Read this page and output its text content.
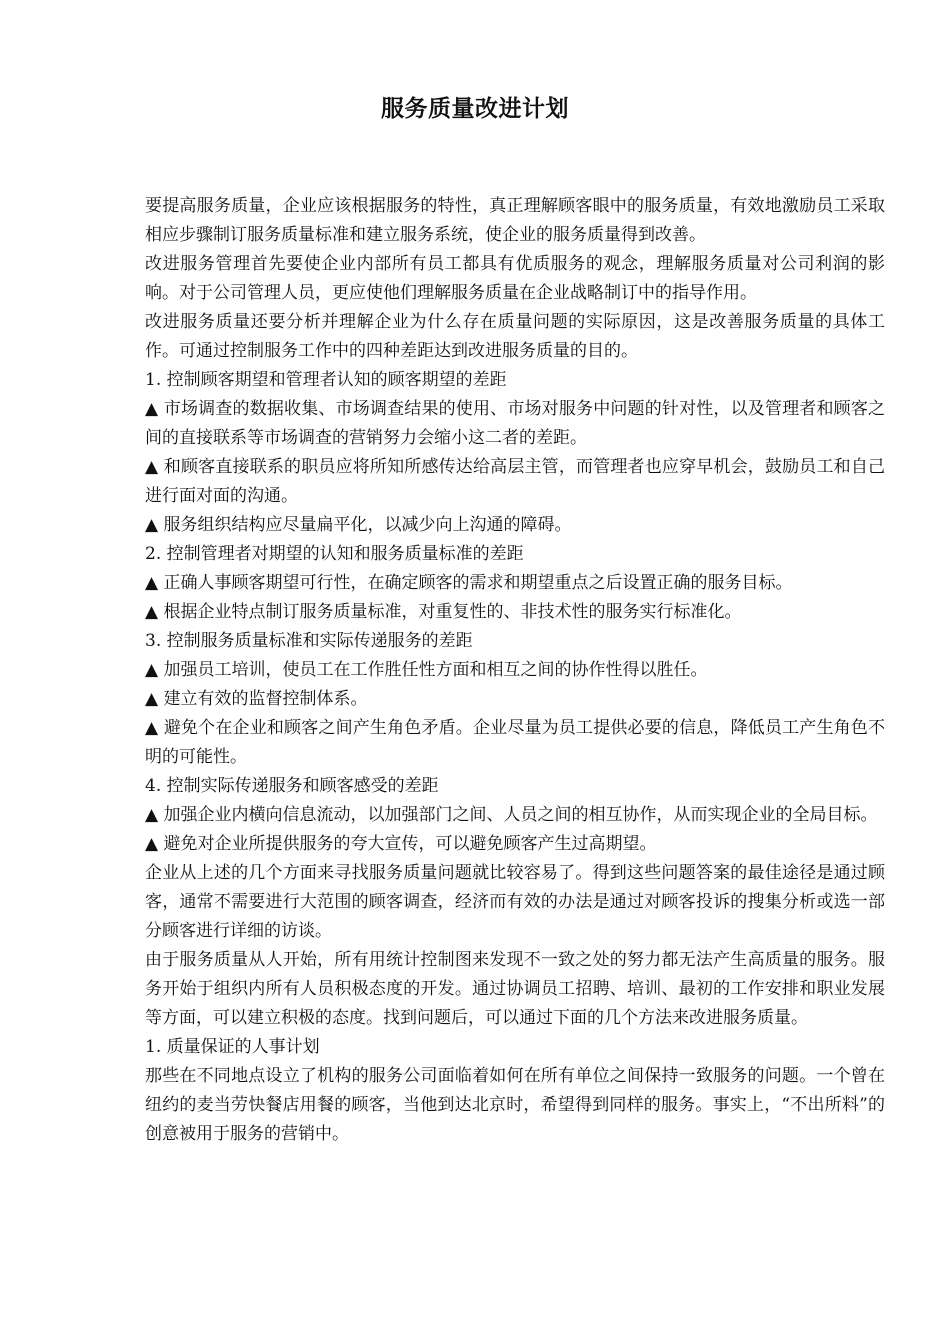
服务质量改进计划

要提高服务质量，企业应该根据服务的特性，真正理解顾客眼中的服务质量，有效地激励员工采取相应步骤制订服务质量标准和建立服务系统，使企业的服务质量得到改善。

改进服务管理首先要使企业内部所有员工都具有优质服务的观念，理解服务质量对公司利润的影响。对于公司管理人员，更应使他们理解服务质量在企业战略制订中的指导作用。

改进服务质量还要分析并理解企业为什么存在质量问题的实际原因，这是改善服务质量的具体工作。可通过控制服务工作中的四种差距达到改进服务质量的目的。

1. 控制顾客期望和管理者认知的顾客期望的差距

▲ 市场调查的数据收集、市场调查结果的使用、市场对服务中问题的针对性，以及管理者和顾客之间的直接联系等市场调查的营销努力会缩小这二者的差距。

▲ 和顾客直接联系的职员应将所知所感传达给高层主管，而管理者也应穿早机会，鼓励员工和自己进行面对面的沟通。

▲ 服务组织结构应尽量扁平化，以减少向上沟通的障碍。

2. 控制管理者对期望的认知和服务质量标准的差距

▲ 正确人事顾客期望可行性，在确定顾客的需求和期望重点之后设置正确的服务目标。

▲ 根据企业特点制订服务质量标准，对重复性的、非技术性的服务实行标准化。

3. 控制服务质量标准和实际传递服务的差距

▲ 加强员工培训，使员工在工作胜任性方面和相互之间的协作性得以胜任。

▲ 建立有效的监督控制体系。

▲ 避免个在企业和顾客之间产生角色矛盾。企业尽量为员工提供必要的信息，降低员工产生角色不明的可能性。

4. 控制实际传递服务和顾客感受的差距

▲ 加强企业内横向信息流动，以加强部门之间、人员之间的相互协作，从而实现企业的全局目标。

▲ 避免对企业所提供服务的夸大宣传，可以避免顾客产生过高期望。

企业从上述的几个方面来寻找服务质量问题就比较容易了。得到这些问题答案的最佳途径是通过顾客，通常不需要进行大范围的顾客调查，经济而有效的办法是通过对顾客投诉的搜集分析或选一部分顾客进行详细的访谈。

由于服务质量从人开始，所有用统计控制图来发现不一致之处的努力都无法产生高质量的服务。服务开始于组织内所有人员积极态度的开发。通过协调员工招聘、培训、最初的工作安排和职业发展等方面，可以建立积极的态度。找到问题后，可以通过下面的几个方法来改进服务质量。

1. 质量保证的人事计划

那些在不同地点设立了机构的服务公司面临着如何在所有单位之间保持一致服务的问题。一个曾在纽约的麦当劳快餐店用餐的顾客，当他到达北京时，希望得到同样的服务。事实上，“不出所料”的创意被用于服务的营销中。
